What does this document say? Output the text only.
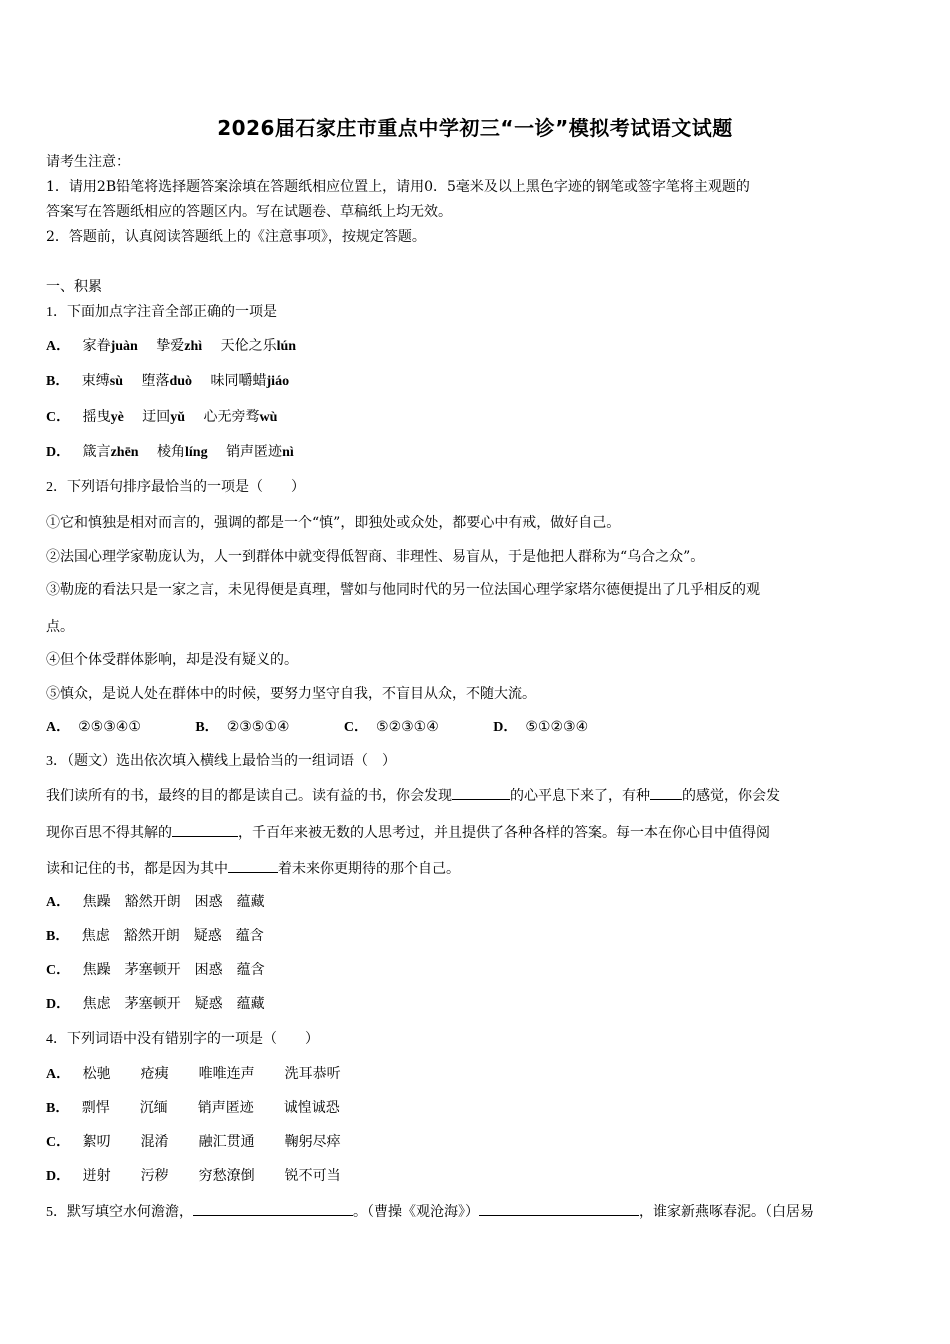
2026届石家庄市重点中学初三“一诊”模拟考试语文试题
请考生注意：
1．请用2B铅笔将选择题答案涂填在答题纸相应位置上，请用0．5毫米及以上黑色字迹的钢笔或签字笔将主观题的
答案写在答题纸相应的答题区内。写在试题卷、草稿纸上均无效。
2．答题前，认真阅读答题纸上的《注意事项》，按规定答题。
一、积累
1．下面加点字注音全部正确的一项是
A． 家眷juàn 挚爱zhì 天伦之乐lún
B． 束缚sù 堕落duò 味同嚼蜡jiáo
C． 摇曳yè 迂回yǔ 心无旁骛wù
D． 箴言zhēn 棱角líng 销声匿迹nì
2．下列语句排序最恰当的一项是（　　）
①它和慎独是相对而言的，强调的都是一个“慎”，即独处或众处，都要心中有戒，做好自己。
②法国心理学家勒庞认为，人一到群体中就变得低智商、非理性、易盲从，于是他把人群称为“乌合之众”。
③勒庞的看法只是一家之言，未见得便是真理，譬如与他同时代的另一位法国心理学家塔尔德便提出了几乎相反的观
点。
④但个体受群体影响，却是没有疑义的。
⑤慎众，是说人处在群体中的时候，要努力坚守自我，不盲目从众，不随大流。
A． ②⑤③④①	B． ②③⑤①④	C． ⑤②③①④	D． ⑤①②③④
3．（题文）选出依次填入横线上最恰当的一组词语（　）
我们读所有的书，最终的目的都是读自己。读有益的书，你会发现	的心平息下来了，有种 的感觉，你会发
现你百思不得其解的	，千百年来被无数的人思考过，并且提供了各种各样的答案。每一本在你心目中值得阅
读和记住的书，都是因为其中	着未来你更期待的那个自己。
A． 焦躁 豁然开朗 困惑 蕴藏
B． 焦虑 豁然开朗 疑惑 蕴含
C． 焦躁 茅塞顿开 困惑 蕴含
D． 焦虑 茅塞顿开 疑惑 蕴藏
4．下列词语中没有错别字的一项是（　　）
A． 松驰 疮痍 唯唯连声 洗耳恭听
B． 剽悍 沉缅 销声匿迹 诚惶诚恐
C． 絮叨 混淆 融汇贯通 鞠躬尽瘁
D． 迸射 污秽 穷愁潦倒 锐不可当
5．默写填空水何澹澹，	。（曹操《观沧海》）	，谁家新燕啄春泥。（白居易
